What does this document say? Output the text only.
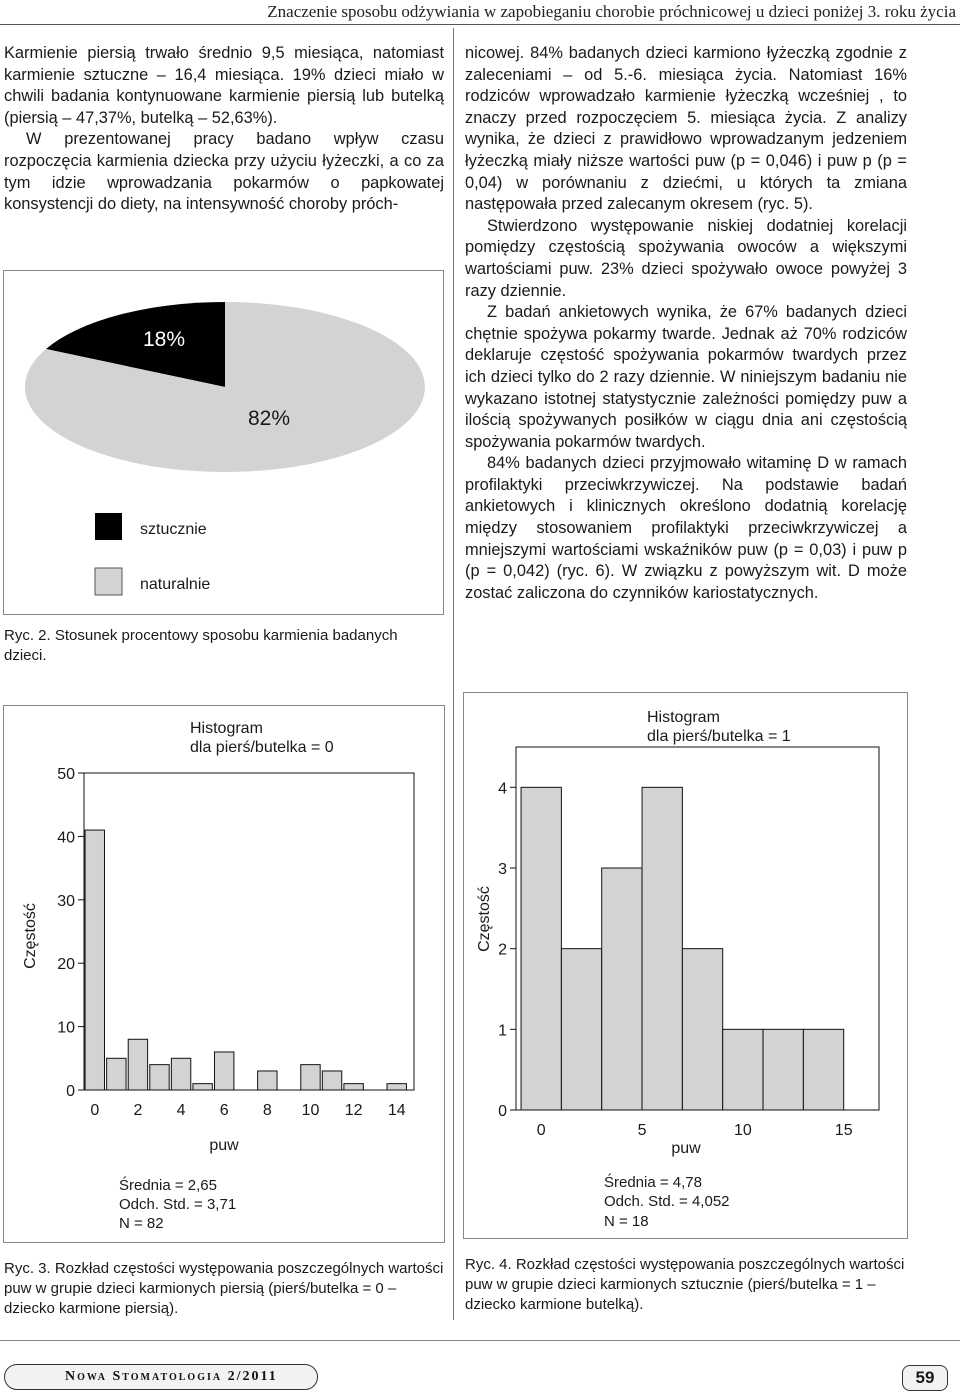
Znaczenie sposobu odżywiania w zapobieganiu chorobie próchnicowej u dzieci poniżej 3. roku życia

Karmienie piersią trwało średnio 9,5 miesiąca, natomiast karmienie sztuczne – 16,4 miesiąca. 19% dzieci miało w chwili badania kontynuowane karmienie piersią lub butelką (piersią – 47,37%, butelką – 52,63%).

W prezentowanej pracy badano wpływ czasu rozpoczęcia karmienia dziecka przy użyciu łyżeczki, a co za tym idzie wprowadzania pokarmów o papkowatej konsystencji do diety, na intensywność choroby próch-

18%
82%
sztucznie
naturalnie

Ryc. 2. Stosunek procentowy sposobu karmienia badanych dzieci.

nicowej. 84% badanych dzieci karmiono łyżeczką zgodnie z zaleceniami – od 5.-6. miesiąca życia. Natomiast 16% rodziców wprowadzało karmienie łyżeczką wcześniej , to znaczy przed rozpoczęciem 5. miesiąca życia. Z analizy wynika, że dzieci z prawidłowo wprowadzanym jedzeniem łyżeczką miały niższe wartości puw (p = 0,046) i puw p (p = 0,04) w porównaniu z dziećmi, u których ta zmiana następowała przed zalecanym okresem (ryc. 5).

Stwierdzono występowanie niskiej dodatniej korelacji pomiędzy częstością spożywania owoców a większymi wartościami puw. 23% dzieci spożywało owoce powyżej 3 razy dziennie.

Z badań ankietowych wynika, że 67% badanych dzieci chętnie spożywa pokarmy twarde. Jednak aż 70% rodziców deklaruje częstość spożywania pokarmów twardych przez ich dzieci tylko do 2 razy dziennie. W niniejszym badaniu nie wykazano istotnej statystycznie zależności pomiędzy puw a ilością spożywanych posiłków w ciągu dnia ani częstością spożywania pokarmów twardych.

84% badanych dzieci przyjmowało witaminę D w ramach profilaktyki przeciwkrzywiczej. Na podstawie badań ankietowych i klinicznych określono dodatnią korelację między stosowaniem profilaktyki przeciwkrzywiczej a mniejszymi wartościami wskaźników puw (p = 0,03) i puw p (p = 0,042) (ryc. 6). W związku z powyższym wit. D może zostać zaliczona do czynników kariostatycznych.

Histogram
dla pierś/butelka = 0
Częstość
puw
Średnia = 2,65
Odch. Std. = 3,71
N = 82
0
10
20
30
40
50
0 2 4 6 8 10 12 14

Ryc. 3. Rozkład częstości występowania poszczególnych wartości puw w grupie dzieci karmionych piersią (pierś/butelka = 0 – dziecko karmione piersią).

Histogram
dla pierś/butelka = 1
Częstość
puw
Średnia = 4,78
Odch. Std. = 4,052
N = 18
0
1
2
3
4
0	5	10	15

Ryc. 4. Rozkład częstości występowania poszczególnych wartości puw w grupie dzieci karmionych sztucznie (pierś/butelka = 1 – dziecko karmione butelką).

Nowa Stomatologia 2/2011	59
